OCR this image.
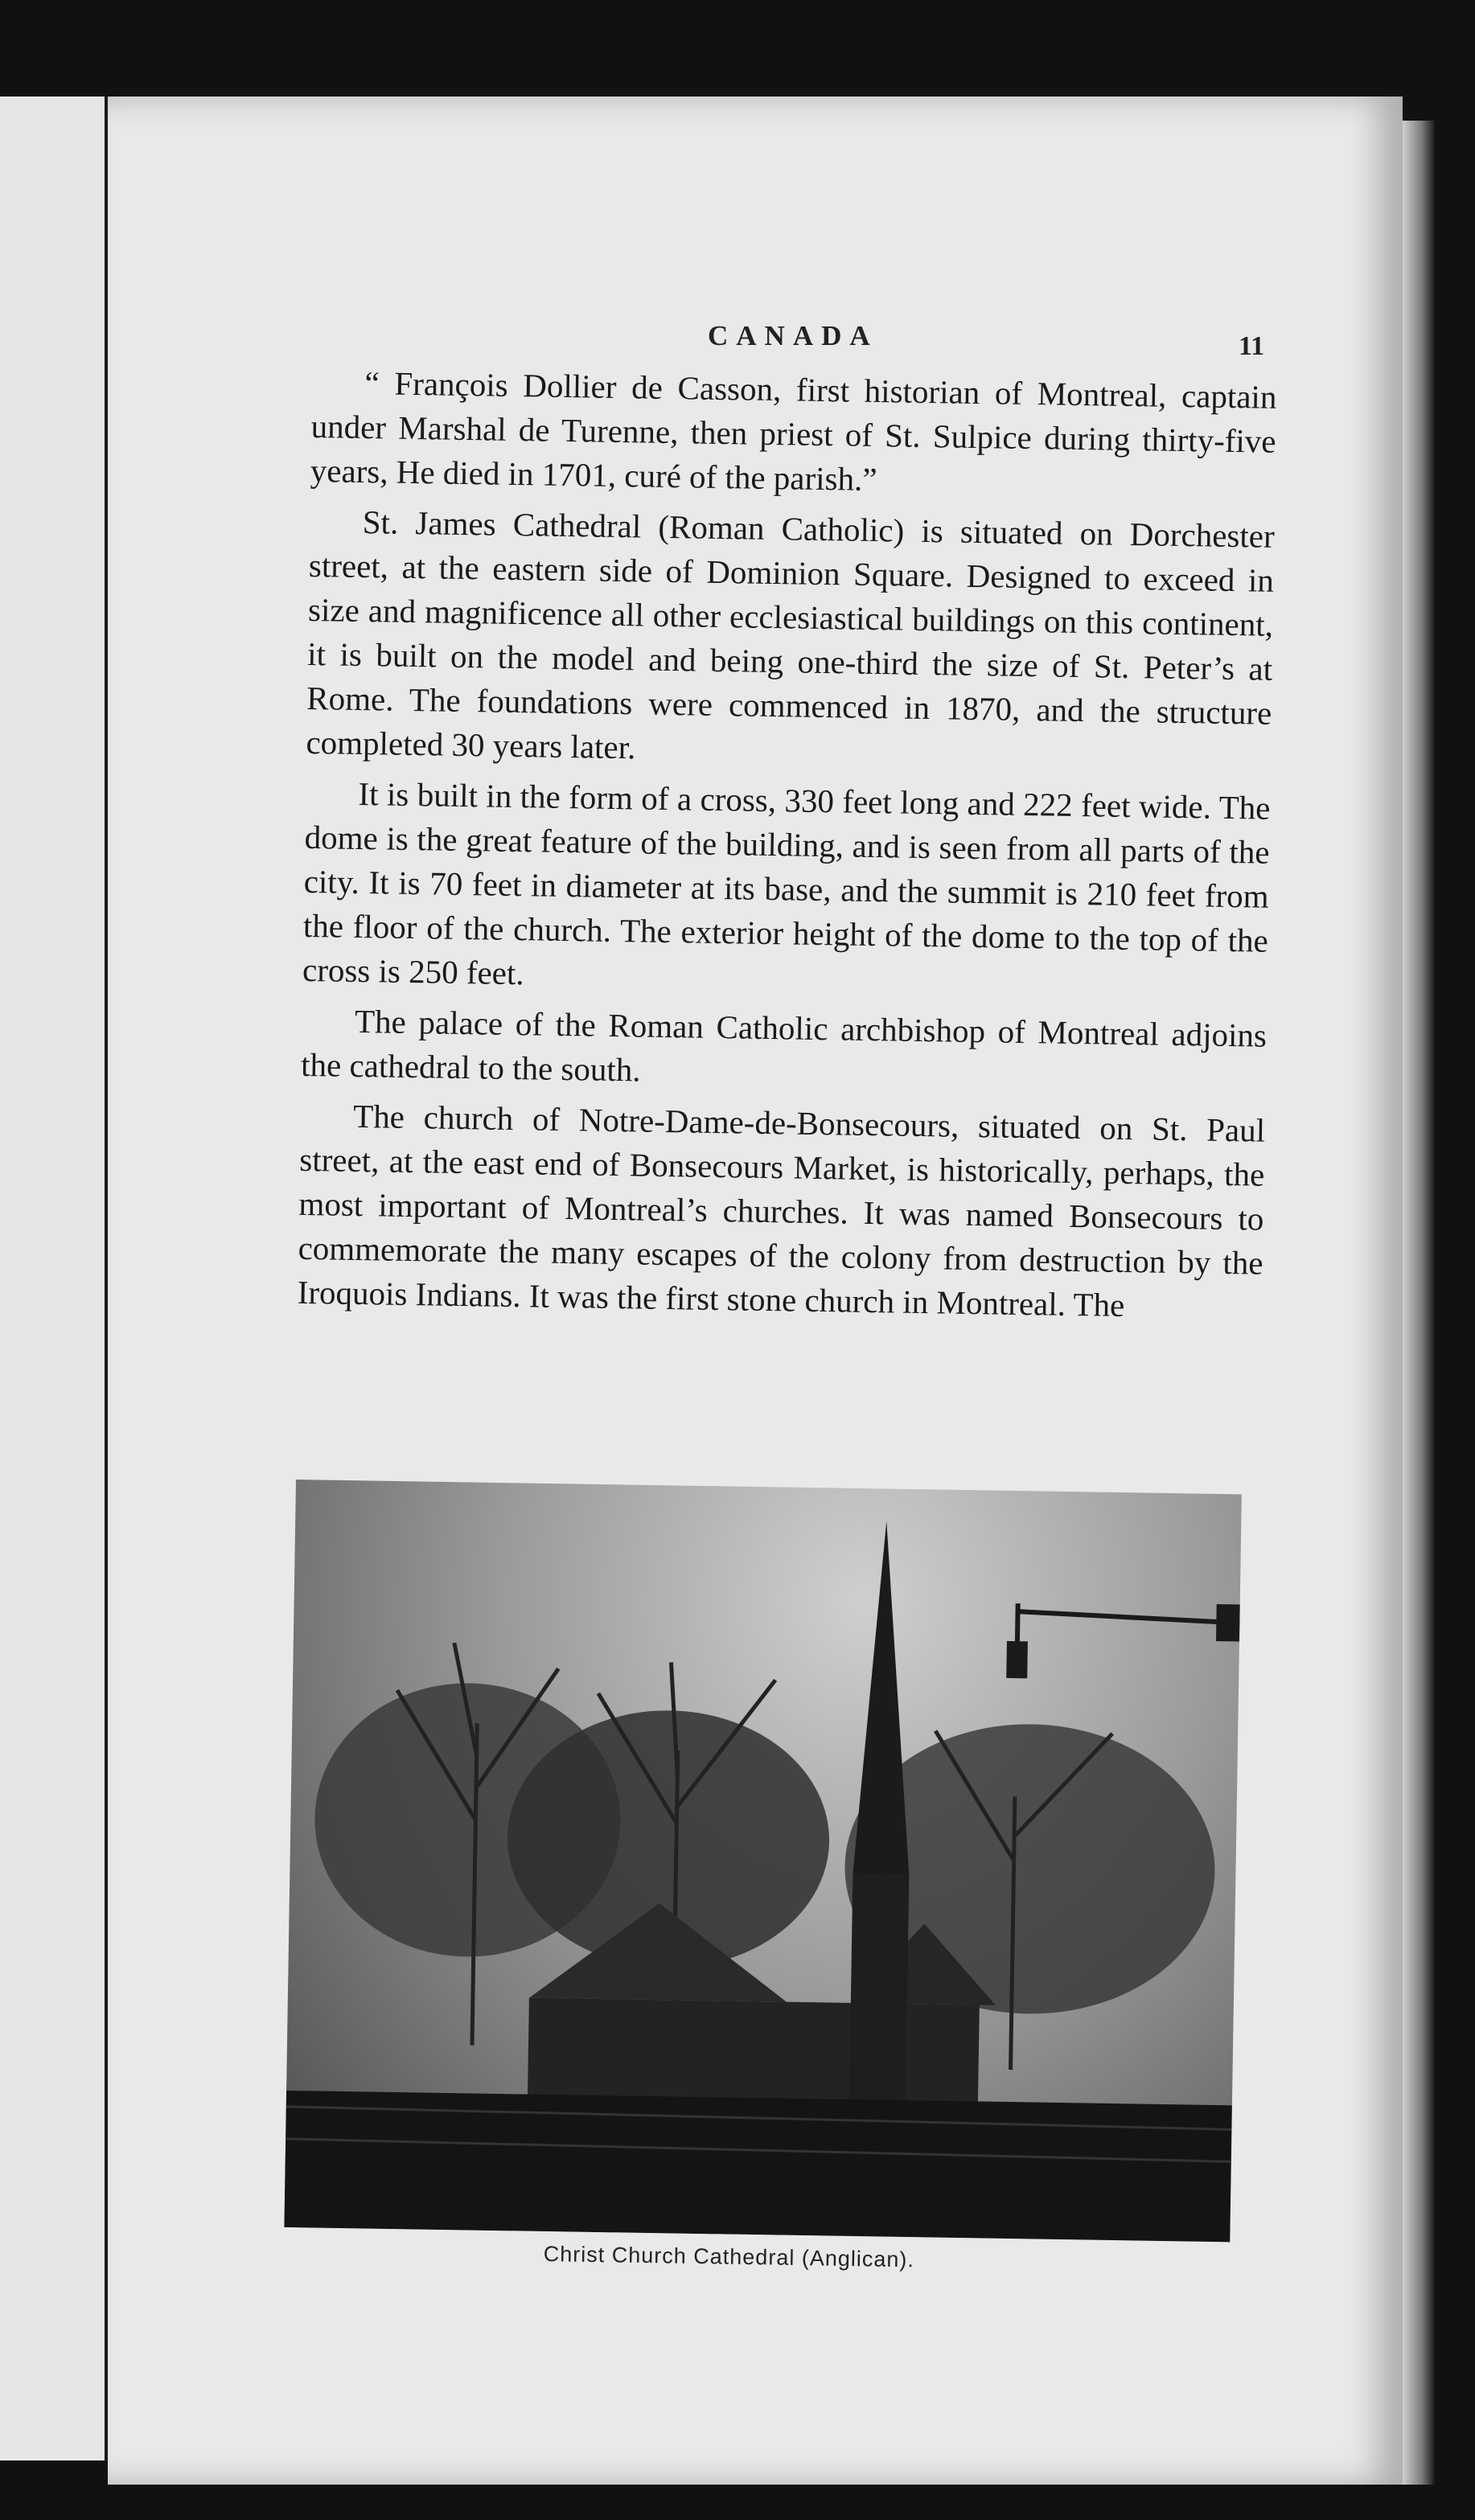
CANADA	11

“ François Dollier de Casson, first historian of Montreal, captain under Marshal de Turenne, then priest of St. Sulpice during thirty-five years, He died in 1701, curé of the parish.”

St. James Cathedral (Roman Catholic) is situated on Dorchester street, at the eastern side of Dominion Square. Designed to exceed in size and magnificence all other ecclesiastical buildings on this continent, it is built on the model and being one-third the size of St. Peter’s at Rome. The foundations were commenced in 1870, and the structure completed 30 years later.

It is built in the form of a cross, 330 feet long and 222 feet wide. The dome is the great feature of the building, and is seen from all parts of the city. It is 70 feet in diameter at its base, and the summit is 210 feet from the floor of the church. The exterior height of the dome to the top of the cross is 250 feet.

The palace of the Roman Catholic archbishop of Montreal adjoins the cathedral to the south.

The church of Notre-Dame-de-Bonsecours, situated on St. Paul street, at the east end of Bonsecours Market, is historically, perhaps, the most important of Montreal’s churches. It was named Bonsecours to commemorate the many escapes of the colony from destruction by the Iroquois Indians. It was the first stone church in Montreal. The

Christ Church Cathedral (Anglican).
